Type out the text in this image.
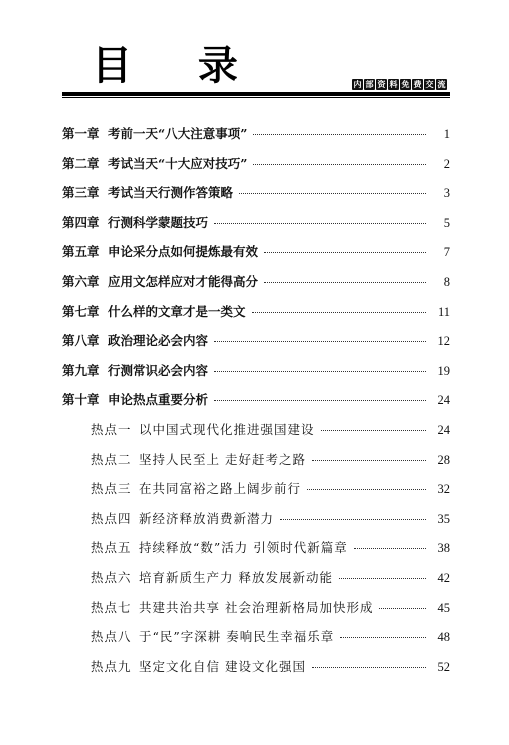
目 录	内 部 资 料 免 费 交 流
第一章 考前一天“八大注意事项”	1
第二章 考试当天“十大应对技巧”	2
第三章 考试当天行测作答策略	3
第四章 行测科学蒙题技巧	5
第五章 申论采分点如何提炼最有效	7
第六章 应用文怎样应对才能得高分	8
第七章 什么样的文章才是一类文	11
第八章 政治理论必会内容	12
第九章 行测常识必会内容	19
第十章 申论热点重要分析	24
热点一 以中国式现代化推进强国建设	24
热点二 坚持人民至上 走好赶考之路	28
热点三 在共同富裕之路上阔步前行	32
热点四 新经济释放消费新潜力	35
热点五 持续释放“数”活力 引领时代新篇章	38
热点六 培育新质生产力 释放发展新动能	42
热点七 共建共治共享 社会治理新格局加快形成	45
热点八 于“民”字深耕 奏响民生幸福乐章	48
热点九 坚定文化自信 建设文化强国	52
